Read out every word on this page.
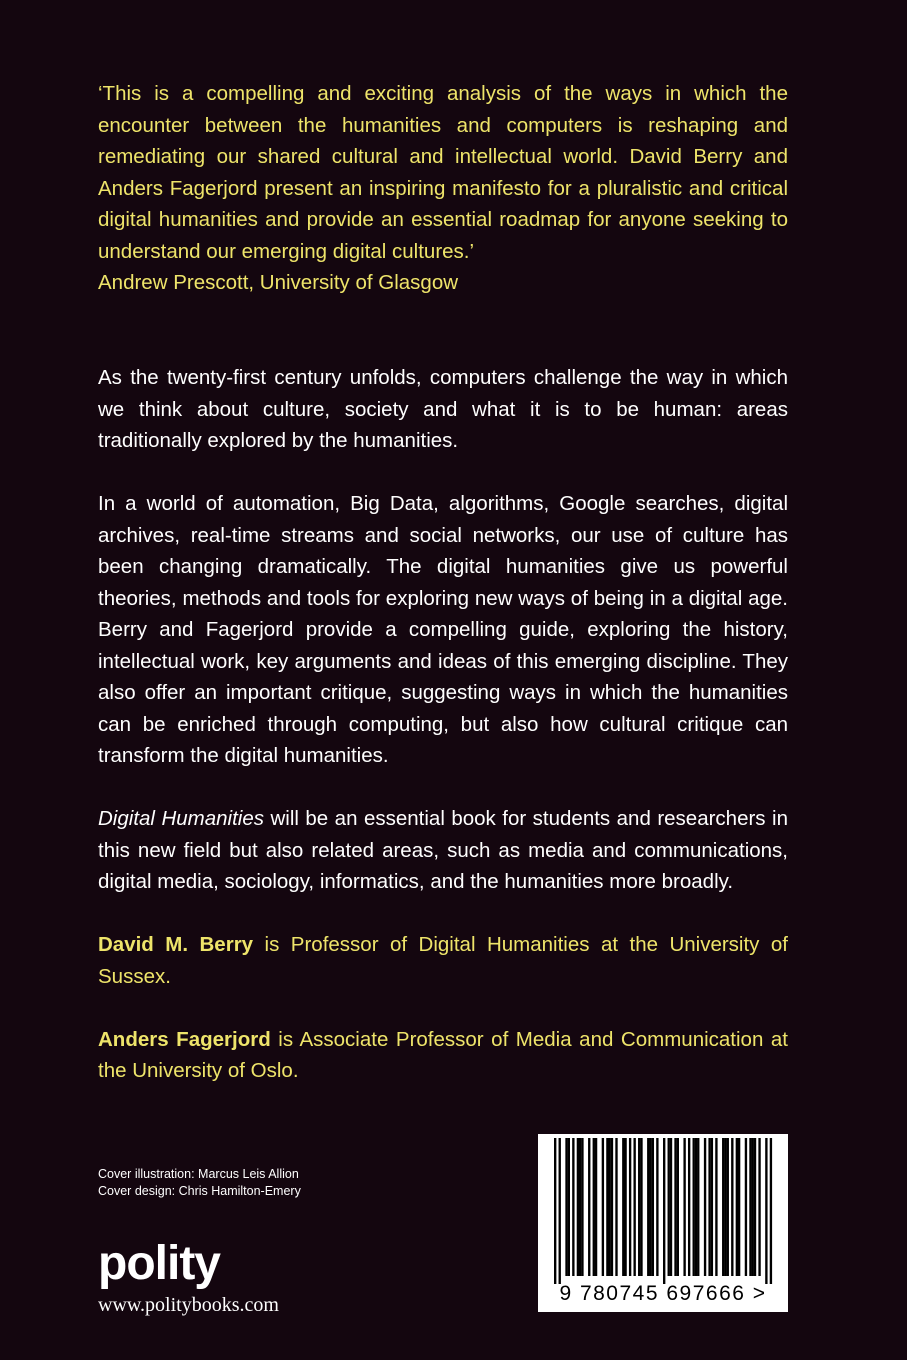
‘This is a compelling and exciting analysis of the ways in which the encounter between the humanities and computers is reshaping and remediating our shared cultural and intellectual world. David Berry and Anders Fagerjord present an inspiring manifesto for a pluralistic and critical digital humanities and provide an essential roadmap for anyone seeking to understand our emerging digital cultures.’

Andrew Prescott, University of Glasgow

As the twenty-first century unfolds, computers challenge the way in which we think about culture, society and what it is to be human: areas traditionally explored by the humanities.

In a world of automation, Big Data, algorithms, Google searches, digital archives, real-time streams and social networks, our use of culture has been changing dramatically. The digital humanities give us powerful theories, methods and tools for exploring new ways of being in a digital age. Berry and Fagerjord provide a compelling guide, exploring the history, intellectual work, key arguments and ideas of this emerging discipline. They also offer an important critique, suggesting ways in which the humanities can be enriched through computing, but also how cultural critique can transform the digital humanities.

Digital Humanities will be an essential book for students and researchers in this new field but also related areas, such as media and communications, digital media, sociology, informatics, and the humanities more broadly.

David M. Berry is Professor of Digital Humanities at the University of Sussex.

Anders Fagerjord is Associate Professor of Media and Communication at the University of Oslo.

Cover illustration: Marcus Leis Allion
Cover design: Chris Hamilton-Emery
polity
www.politybooks.com	9 780745 697666 >
